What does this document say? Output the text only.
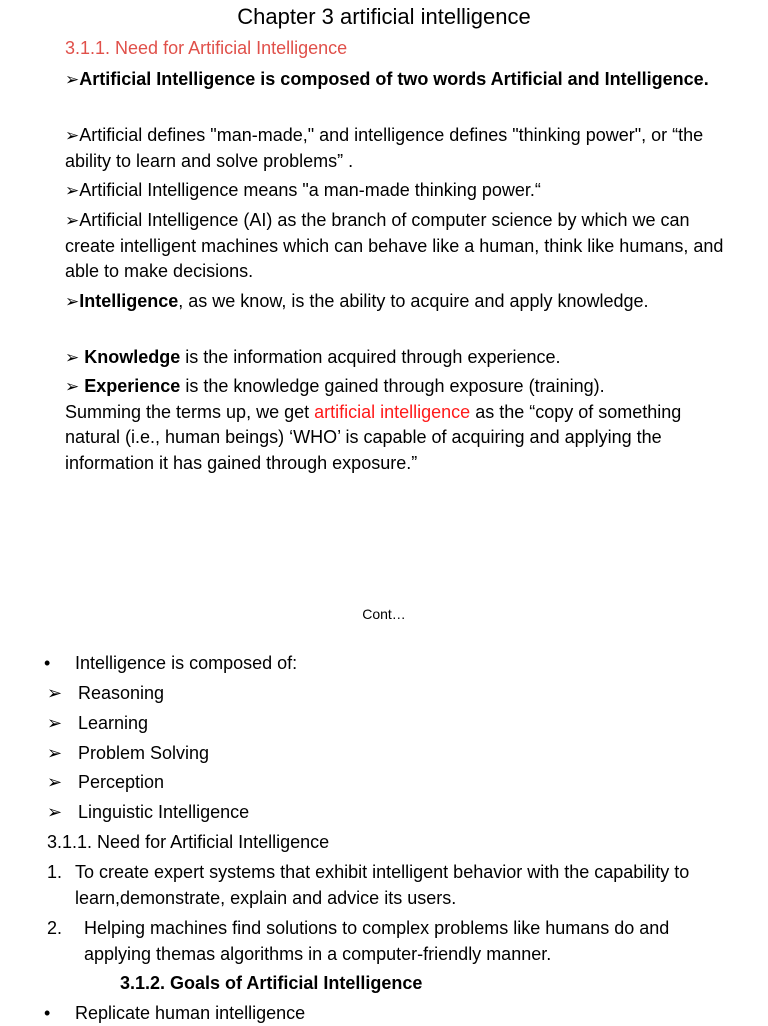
Chapter 3 artificial intelligence
3.1.1. Need for Artificial Intelligence
➢Artificial Intelligence is composed of two words Artificial and Intelligence.
➢Artificial defines "man-made," and intelligence defines "thinking power", or “the ability to learn and solve problems” .
➢Artificial Intelligence means "a man-made thinking power.“
➢Artificial Intelligence (AI) as the branch of computer science by which we can create intelligent machines which can behave like a human, think like humans, and able to make decisions.
➢Intelligence, as we know, is the ability to acquire and apply knowledge.
➢ Knowledge is the information acquired through experience.
➢ Experience is the knowledge gained through exposure (training).
Summing the terms up, we get artificial intelligence as the “copy of something natural (i.e., human beings) ‘WHO’ is capable of acquiring and applying the information it has gained through exposure.”
Cont…
• Intelligence is composed of:
➢ Reasoning
➢ Learning
➢ Problem Solving
➢ Perception
➢ Linguistic Intelligence
3.1.1. Need for Artificial Intelligence
1. To create expert systems that exhibit intelligent behavior with the capability to learn,demonstrate, explain and advice its users.
2. Helping machines find solutions to complex problems like humans do and applying themas algorithms in a computer-friendly manner.
3.1.2. Goals of Artificial Intelligence
• Replicate human intelligence
